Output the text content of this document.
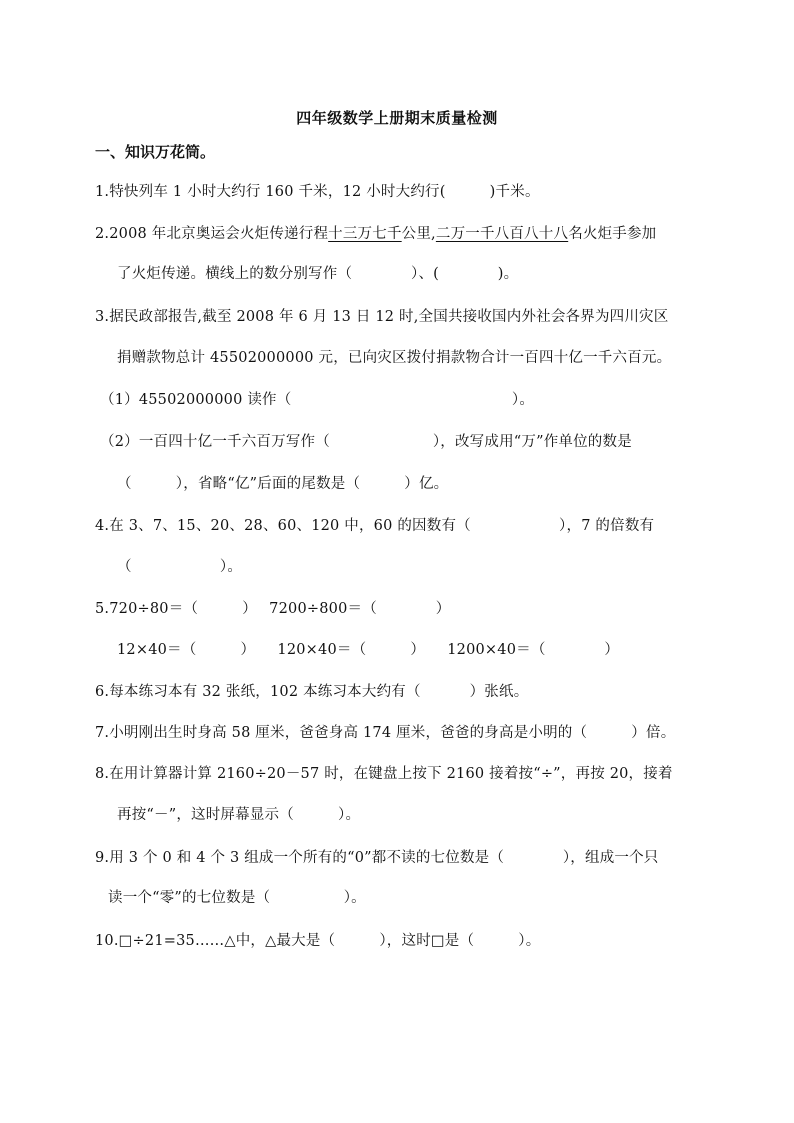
四年级数学上册期末质量检测
一、知识万花筒。
1.特快列车 1 小时大约行 160 千米，12 小时大约行(　　　)千米。
2.2008 年北京奥运会火炬传递行程十三万七千公里,二万一千八百八十八名火炬手参加
了火炬传递。横线上的数分别写作（　　　　）、(　　　　)。
3.据民政部报告,截至 2008 年 6 月 13 日 12 时,全国共接收国内外社会各界为四川灾区
捐赠款物总计 45502000000 元，已向灾区拨付捐款物合计一百四十亿一千六百元。
（1）45502000000 读作（　　　　　　　　　　　　　　　）。
（2）一百四十亿一千六百万写作（　　　　　　　），改写成用“万”作单位的数是
（　　　），省略“亿”后面的尾数是（　　　）亿。
4.在 3、7、15、20、28、60、120 中，60 的因数有（　　　　　　），7 的倍数有
（　　　　　　）。
5.720÷80＝（　　　）　 7200÷800＝（　　　　）
12×40＝（　　　）　　120×40＝（　　　）　　1200×40＝（　　　　）
6.每本练习本有 32 张纸，102 本练习本大约有（　　　 ）张纸。
7.小明刚出生时身高 58 厘米，爸爸身高 174 厘米，爸爸的身高是小明的（　　　）倍。
8.在用计算器计算 2160÷20－57 时，在键盘上按下 2160 接着按“÷”，再按 20，接着
再按“－”，这时屏幕显示（　　　）。
9.用 3 个 0 和 4 个 3 组成一个所有的“0”都不读的七位数是（　　　　），组成一个只
读一个“零”的七位数是（　　　　　）。
10.□÷21=35……△中，△最大是（　　　），这时□是（　　　）。
